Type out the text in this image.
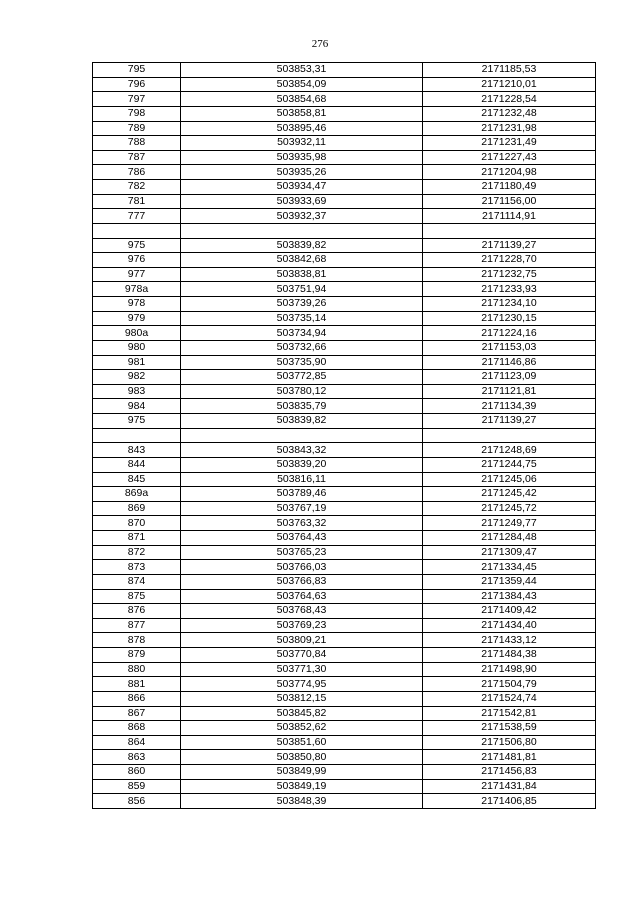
276
795	503853,31	2171185,53
796	503854,09	2171210,01
797	503854,68	2171228,54
798	503858,81	2171232,48
789	503895,46	2171231,98
788	503932,11	2171231,49
787	503935,98	2171227,43
786	503935,26	2171204,98
782	503934,47	2171180,49
781	503933,69	2171156,00
777	503932,37	2171114,91

975	503839,82	2171139,27
976	503842,68	2171228,70
977	503838,81	2171232,75
978a	503751,94	2171233,93
978	503739,26	2171234,10
979	503735,14	2171230,15
980a	503734,94	2171224,16
980	503732,66	2171153,03
981	503735,90	2171146,86
982	503772,85	2171123,09
983	503780,12	2171121,81
984	503835,79	2171134,39
975	503839,82	2171139,27

843	503843,32	2171248,69
844	503839,20	2171244,75
845	503816,11	2171245,06
869a	503789,46	2171245,42
869	503767,19	2171245,72
870	503763,32	2171249,77
871	503764,43	2171284,48
872	503765,23	2171309,47
873	503766,03	2171334,45
874	503766,83	2171359,44
875	503764,63	2171384,43
876	503768,43	2171409,42
877	503769,23	2171434,40
878	503809,21	2171433,12
879	503770,84	2171484,38
880	503771,30	2171498,90
881	503774,95	2171504,79
866	503812,15	2171524,74
867	503845,82	2171542,81
868	503852,62	2171538,59
864	503851,60	2171506,80
863	503850,80	2171481,81
860	503849,99	2171456,83
859	503849,19	2171431,84
856	503848,39	2171406,85
